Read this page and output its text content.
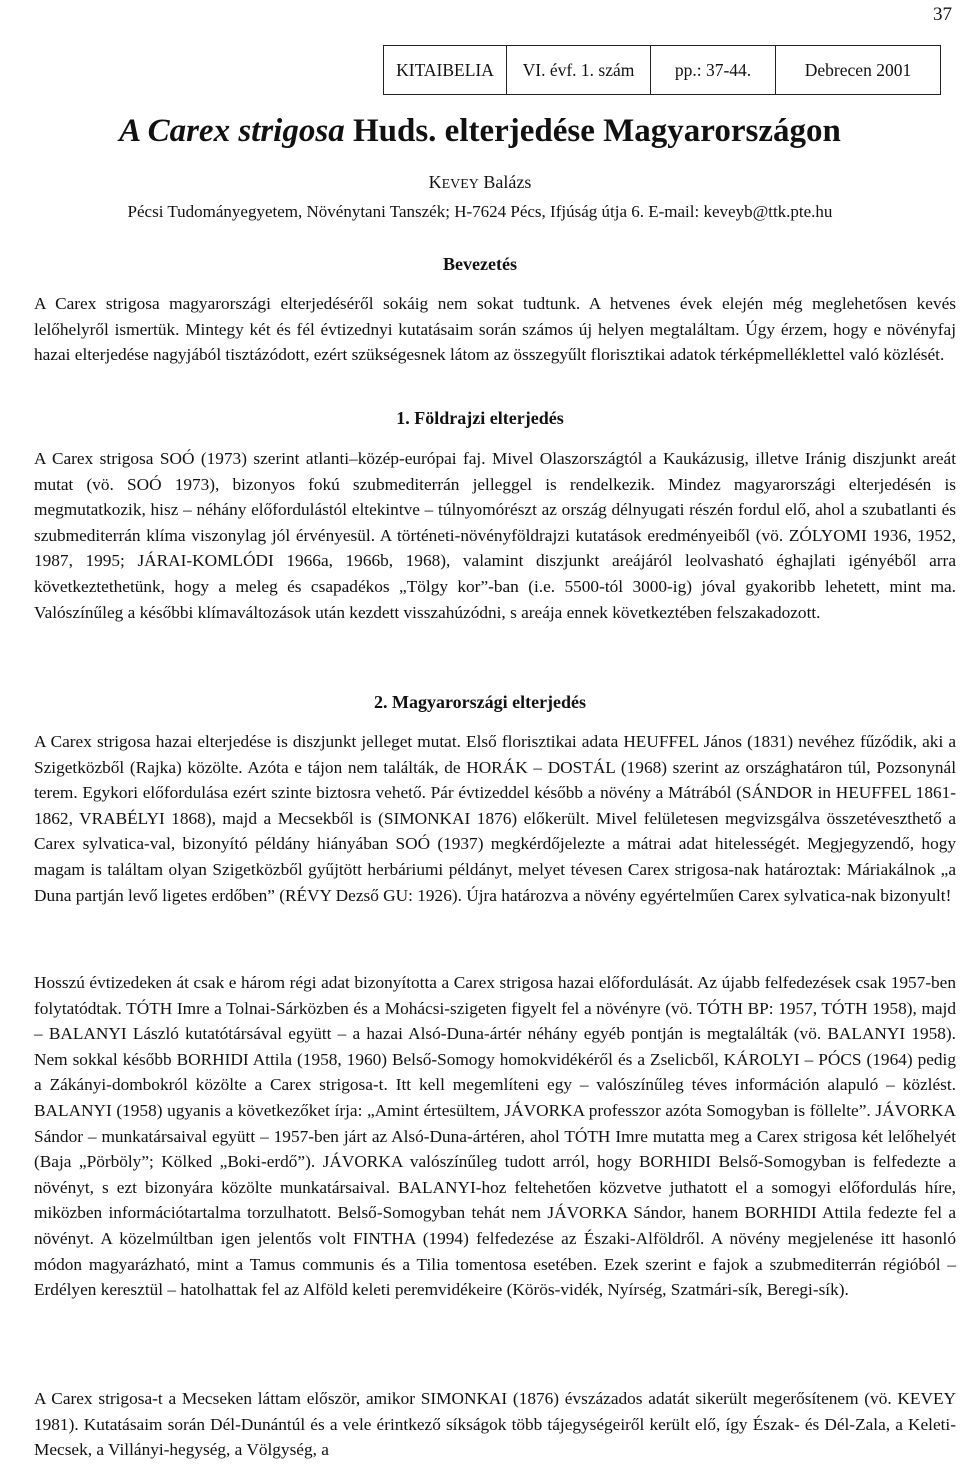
37
KITAIBELIA	VI. évf. 1. szám	pp.: 37-44.	Debrecen 2001
A Carex strigosa Huds. elterjedése Magyarországon
KEVEY Balázs
Pécsi Tudományegyetem, Növénytani Tanszék; H-7624 Pécs, Ifjúság útja 6. E-mail: keveyb@ttk.pte.hu
Bevezetés

A Carex strigosa magyarországi elterjedéséről sokáig nem sokat tudtunk. A hetvenes évek elején még meglehetősen kevés lelőhelyről ismertük. Mintegy két és fél évtizednyi kutatásaim során számos új helyen megtaláltam. Úgy érzem, hogy e növényfaj hazai elterjedése nagyjából tisztázódott, ezért szükségesnek látom az összegyűlt florisztikai adatok térképmelléklettel való közlését.

1. Földrajzi elterjedés

A Carex strigosa SOÓ (1973) szerint atlanti–közép-európai faj. Mivel Olaszországtól a Kaukázusig, illetve Iránig diszjunkt areát mutat (vö. SOÓ 1973), bizonyos fokú szubmediterrán jelleggel is rendelkezik. Mindez magyarországi elterjedésén is megmutatkozik, hisz – néhány előfordulástól eltekintve – túlnyomórészt az ország délnyugati részén fordul elő, ahol a szubatlanti és szubmediterrán klíma viszonylag jól érvényesül. A történeti-növényföldrajzi kutatások eredményeiből (vö. ZÓLYOMI 1936, 1952, 1987, 1995; JÁRAI-KOMLÓDI 1966a, 1966b, 1968), valamint diszjunkt areájáról leolvasható éghajlati igényéből arra következtethetünk, hogy a meleg és csapadékos „Tölgy kor”-ban (i.e. 5500-tól 3000-ig) jóval gyakoribb lehetett, mint ma. Valószínűleg a későbbi klímaváltozások után kezdett visszahúzódni, s areája ennek következtében felszakadozott.

2. Magyarországi elterjedés

A Carex strigosa hazai elterjedése is diszjunkt jelleget mutat. Első florisztikai adata HEUFFEL János (1831) nevéhez fűződik, aki a Szigetközből (Rajka) közölte. Azóta e tájon nem találták, de HORÁK – DOSTÁL (1968) szerint az országhatáron túl, Pozsonynál terem. Egykori előfordulása ezért szinte biztosra vehető. Pár évtizeddel később a növény a Mátrából (SÁNDOR in HEUFFEL 1861-1862, VRABÉLYI 1868), majd a Mecsekből is (SIMONKAI 1876) előkerült. Mivel felületesen megvizsgálva összetéveszthető a Carex sylvatica-val, bizonyító példány hiányában SOÓ (1937) megkérdőjelezte a mátrai adat hitelességét. Megjegyzendő, hogy magam is találtam olyan Szigetközből gyűjtött herbáriumi példányt, melyet tévesen Carex strigosa-nak határoztak: Máriakálnok „a Duna partján levő ligetes erdőben” (RÉVY Dezső GU: 1926). Újra határozva a növény egyértelműen Carex sylvatica-nak bizonyult!

Hosszú évtizedeken át csak e három régi adat bizonyította a Carex strigosa hazai előfordulását. Az újabb felfedezések csak 1957-ben folytatódtak. TÓTH Imre a Tolnai-Sárközben és a Mohácsi-szigeten figyelt fel a növényre (vö. TÓTH BP: 1957, TÓTH 1958), majd – BALANYI László kutatótársával együtt – a hazai Alsó-Duna-ártér néhány egyéb pontján is megtalálták (vö. BALANYI 1958). Nem sokkal később BORHIDI Attila (1958, 1960) Belső-Somogy homokvidékéről és a Zselicből, KÁROLYI – PÓCS (1964) pedig a Zákányi-dombokról közölte a Carex strigosa-t. Itt kell megemlíteni egy – valószínűleg téves információn alapuló – közlést. BALANYI (1958) ugyanis a következőket írja: „Amint értesültem, JÁVORKA professzor azóta Somogyban is föllelte”. JÁVORKA Sándor – munkatársaival együtt – 1957-ben járt az Alsó-Duna-ártéren, ahol TÓTH Imre mutatta meg a Carex strigosa két lelőhelyét (Baja „Pörböly”; Kölked „Boki-erdő”). JÁVORKA valószínűleg tudott arról, hogy BORHIDI Belső-Somogyban is felfedezte a növényt, s ezt bizonyára közölte munkatársaival. BALANYI-hoz feltehetően közvetve juthatott el a somogyi előfordulás híre, miközben információtartalma torzulhatott. Belső-Somogyban tehát nem JÁVORKA Sándor, hanem BORHIDI Attila fedezte fel a növényt. A közelmúltban igen jelentős volt FINTHA (1994) felfedezése az Északi-Alföldről. A növény megjelenése itt hasonló módon magyarázható, mint a Tamus communis és a Tilia tomentosa esetében. Ezek szerint e fajok a szubmediterrán régióból – Erdélyen keresztül – hatolhattak fel az Alföld keleti peremvidékeire (Körös-vidék, Nyírség, Szatmári-sík, Beregi-sík).

A Carex strigosa-t a Mecseken láttam először, amikor SIMONKAI (1876) évszázados adatát sikerült megerősítenem (vö. KEVEY 1981). Kutatásaim során Dél-Dunántúl és a vele érintkező síkságok több tájegységeiről került elő, így Észak- és Dél-Zala, a Keleti-Mecsek, a Villányi-hegység, a Völgység, a
